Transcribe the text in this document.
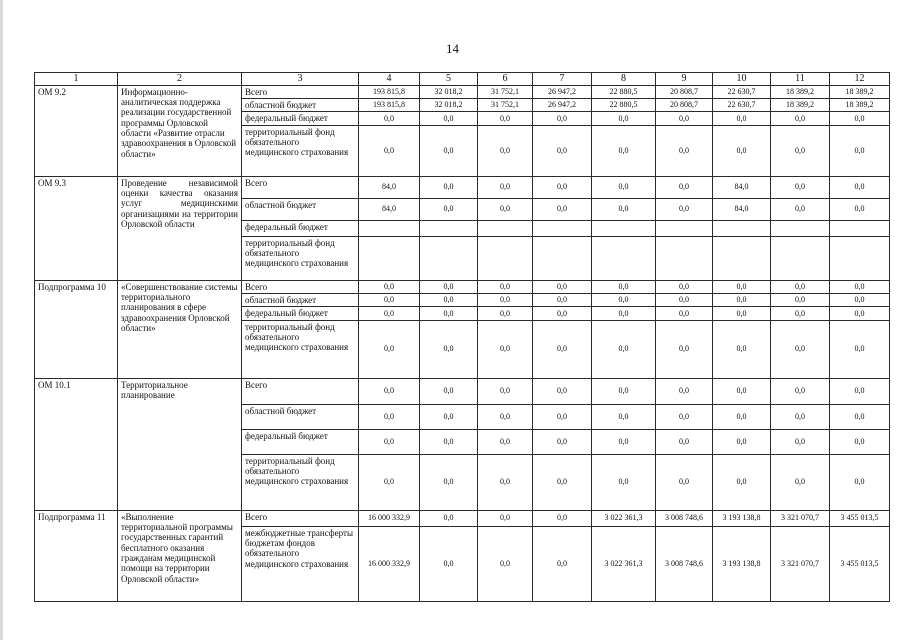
14
1	2	3	4	5	6	7	8	9	10	11	12
ОМ 9.2	Информационно-аналитическая поддержка реализации государственной программы Орловской области «Развитие отрасли здравоохранения в Орловской области»	Всего	193 815,8	32 018,2	31 752,1	26 947,2	22 880,5	20 808,7	22 630,7	18 389,2	18 389,2
		областной бюджет	193 815,8	32 018,2	31 752,1	26 947,2	22 880,5	20 808,7	22 630,7	18 389,2	18 389,2
		федеральный бюджет	0,0	0,0	0,0	0,0	0,0	0,0	0,0	0,0	0,0
		территориальный фонд обязательного медицинского страхования	0,0	0,0	0,0	0,0	0,0	0,0	0,0	0,0	0,0
ОМ 9.3	Проведение независимой оценки качества оказания услуг медицинскими организациями на территории Орловской области	Всего	84,0	0,0	0,0	0,0	0,0	0,0	84,0	0,0	0,0
		областной бюджет	84,0	0,0	0,0	0,0	0,0	0,0	84,0	0,0	0,0
		федеральный бюджет									
		территориальный фонд обязательного медицинского страхования									
Подпрограмма 10	«Совершенствование системы территориального планирования в сфере здравоохранения Орловской области»	Всего	0,0	0,0	0,0	0,0	0,0	0,0	0,0	0,0	0,0
		областной бюджет	0,0	0,0	0,0	0,0	0,0	0,0	0,0	0,0	0,0
		федеральный бюджет	0,0	0,0	0,0	0,0	0,0	0,0	0,0	0,0	0,0
		территориальный фонд обязательного медицинского страхования	0,0	0,0	0,0	0,0	0,0	0,0	0,0	0,0	0,0
ОМ 10.1	Территориальное планирование	Всего	0,0	0,0	0,0	0,0	0,0	0,0	0,0	0,0	0,0
		областной бюджет	0,0	0,0	0,0	0,0	0,0	0,0	0,0	0,0	0,0
		федеральный бюджет	0,0	0,0	0,0	0,0	0,0	0,0	0,0	0,0	0,0
		территориальный фонд обязательного медицинского страхования	0,0	0,0	0,0	0,0	0,0	0,0	0,0	0,0	0,0
Подпрограмма 11	«Выполнение территориальной программы государственных гарантий бесплатного оказания гражданам медицинской помощи на территории Орловской области»	Всего	16 000 332,9	0,0	0,0	0,0	3 022 361,3	3 008 748,6	3 193 138,8	3 321 070,7	3 455 013,5
		межбюджетные трансферты бюджетам фондов обязательного медицинского страхования	16 000 332,9	0,0	0,0	0,0	3 022 361,3	3 008 748,6	3 193 138,8	3 321 070,7	3 455 013,5
